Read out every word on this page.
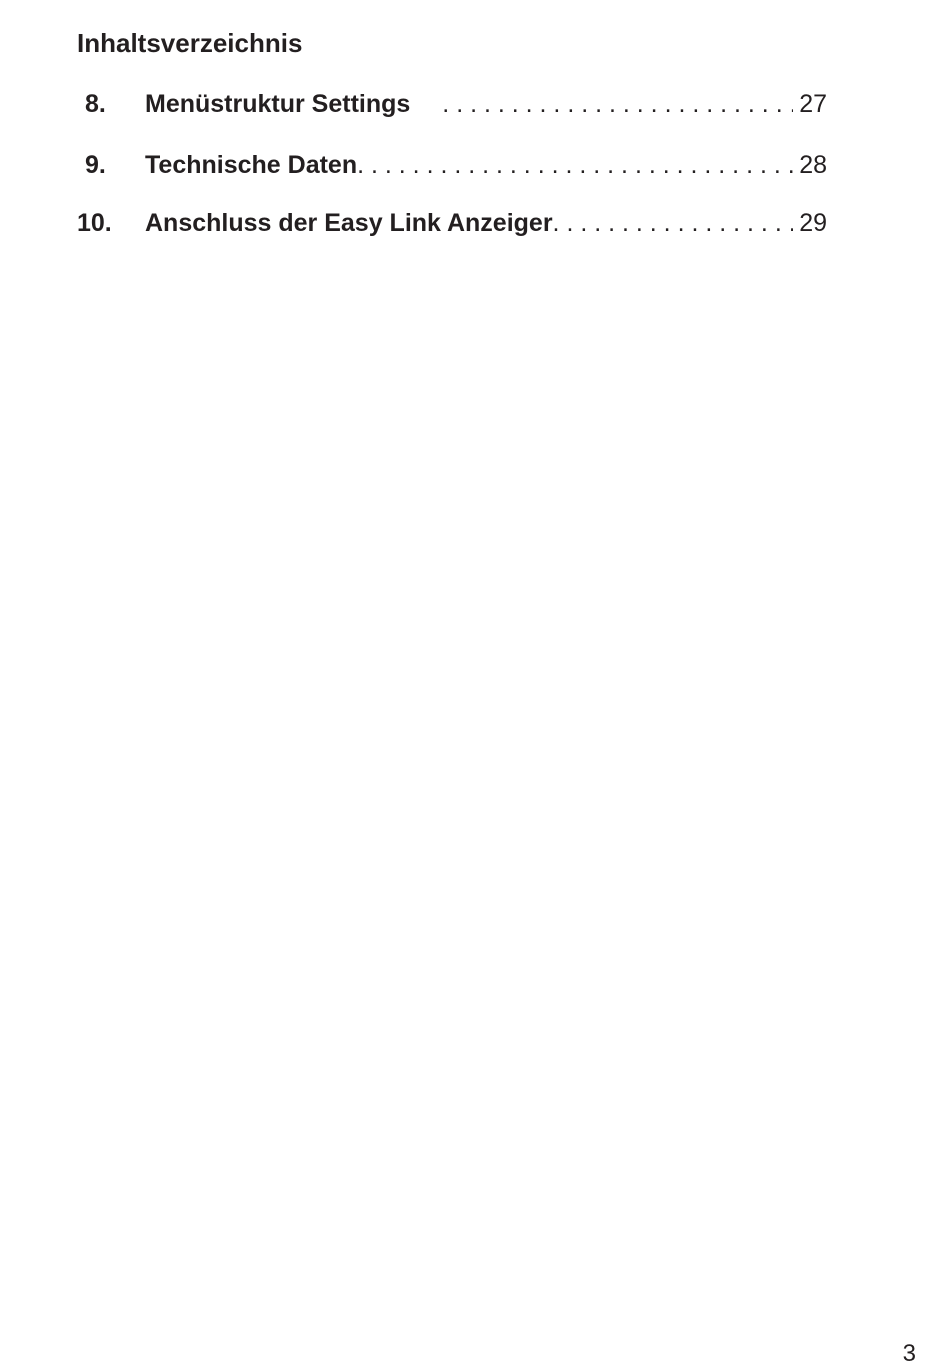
Inhaltsverzeichnis
8.	Menüstruktur Settings . . .	27
9.	Technische Daten . . .	28
10.	Anschluss der Easy Link Anzeiger . . .	29
3
